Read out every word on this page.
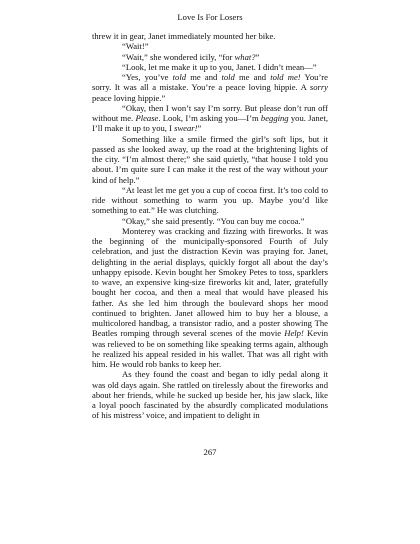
Love Is For Losers

threw it in gear, Janet immediately mounted her bike.

“Wait!”

“Wait,” she wondered icily, “for what?”

“Look, let me make it up to you, Janet. I didn’t mean—”

“Yes, you’ve told me and told me and told me! You’re sorry. It was all a mistake. You’re a peace loving hippie. A sorry peace loving hippie.”

“Okay, then I won’t say I’m sorry. But please don’t run off without me. Please. Look, I’m asking you—I’m begging you. Janet, I’ll make it up to you, I swear!”

Something like a smile firmed the girl’s soft lips, but it passed as she looked away, up the road at the brightening lights of the city. “I’m almost there;” she said quietly, “that house I told you about. I’m quite sure I can make it the rest of the way without your kind of help.”

“At least let me get you a cup of cocoa first. It’s too cold to ride without something to warm you up. Maybe you’d like something to eat.” He was clutching.

“Okay,” she said presently. “You can buy me cocoa.”

Monterey was cracking and fizzing with fireworks. It was the beginning of the municipally-sponsored Fourth of July celebration, and just the distraction Kevin was praying for. Janet, delighting in the aerial displays, quickly forgot all about the day’s unhappy episode. Kevin bought her Smokey Petes to toss, sparklers to wave, an expensive king-size fireworks kit and, later, gratefully bought her cocoa, and then a meal that would have pleased his father. As she led him through the boulevard shops her mood continued to brighten. Janet allowed him to buy her a blouse, a multicolored handbag, a transistor radio, and a poster showing The Beatles romping through several scenes of the movie Help! Kevin was relieved to be on something like speaking terms again, although he realized his appeal resided in his wallet. That was all right with him. He would rob banks to keep her.

As they found the coast and began to idly pedal along it was old days again. She rattled on tirelessly about the fireworks and about her friends, while he sucked up beside her, his jaw slack, like a loyal pooch fascinated by the absurdly complicated modulations of his mistress’ voice, and impatient to delight in

267
